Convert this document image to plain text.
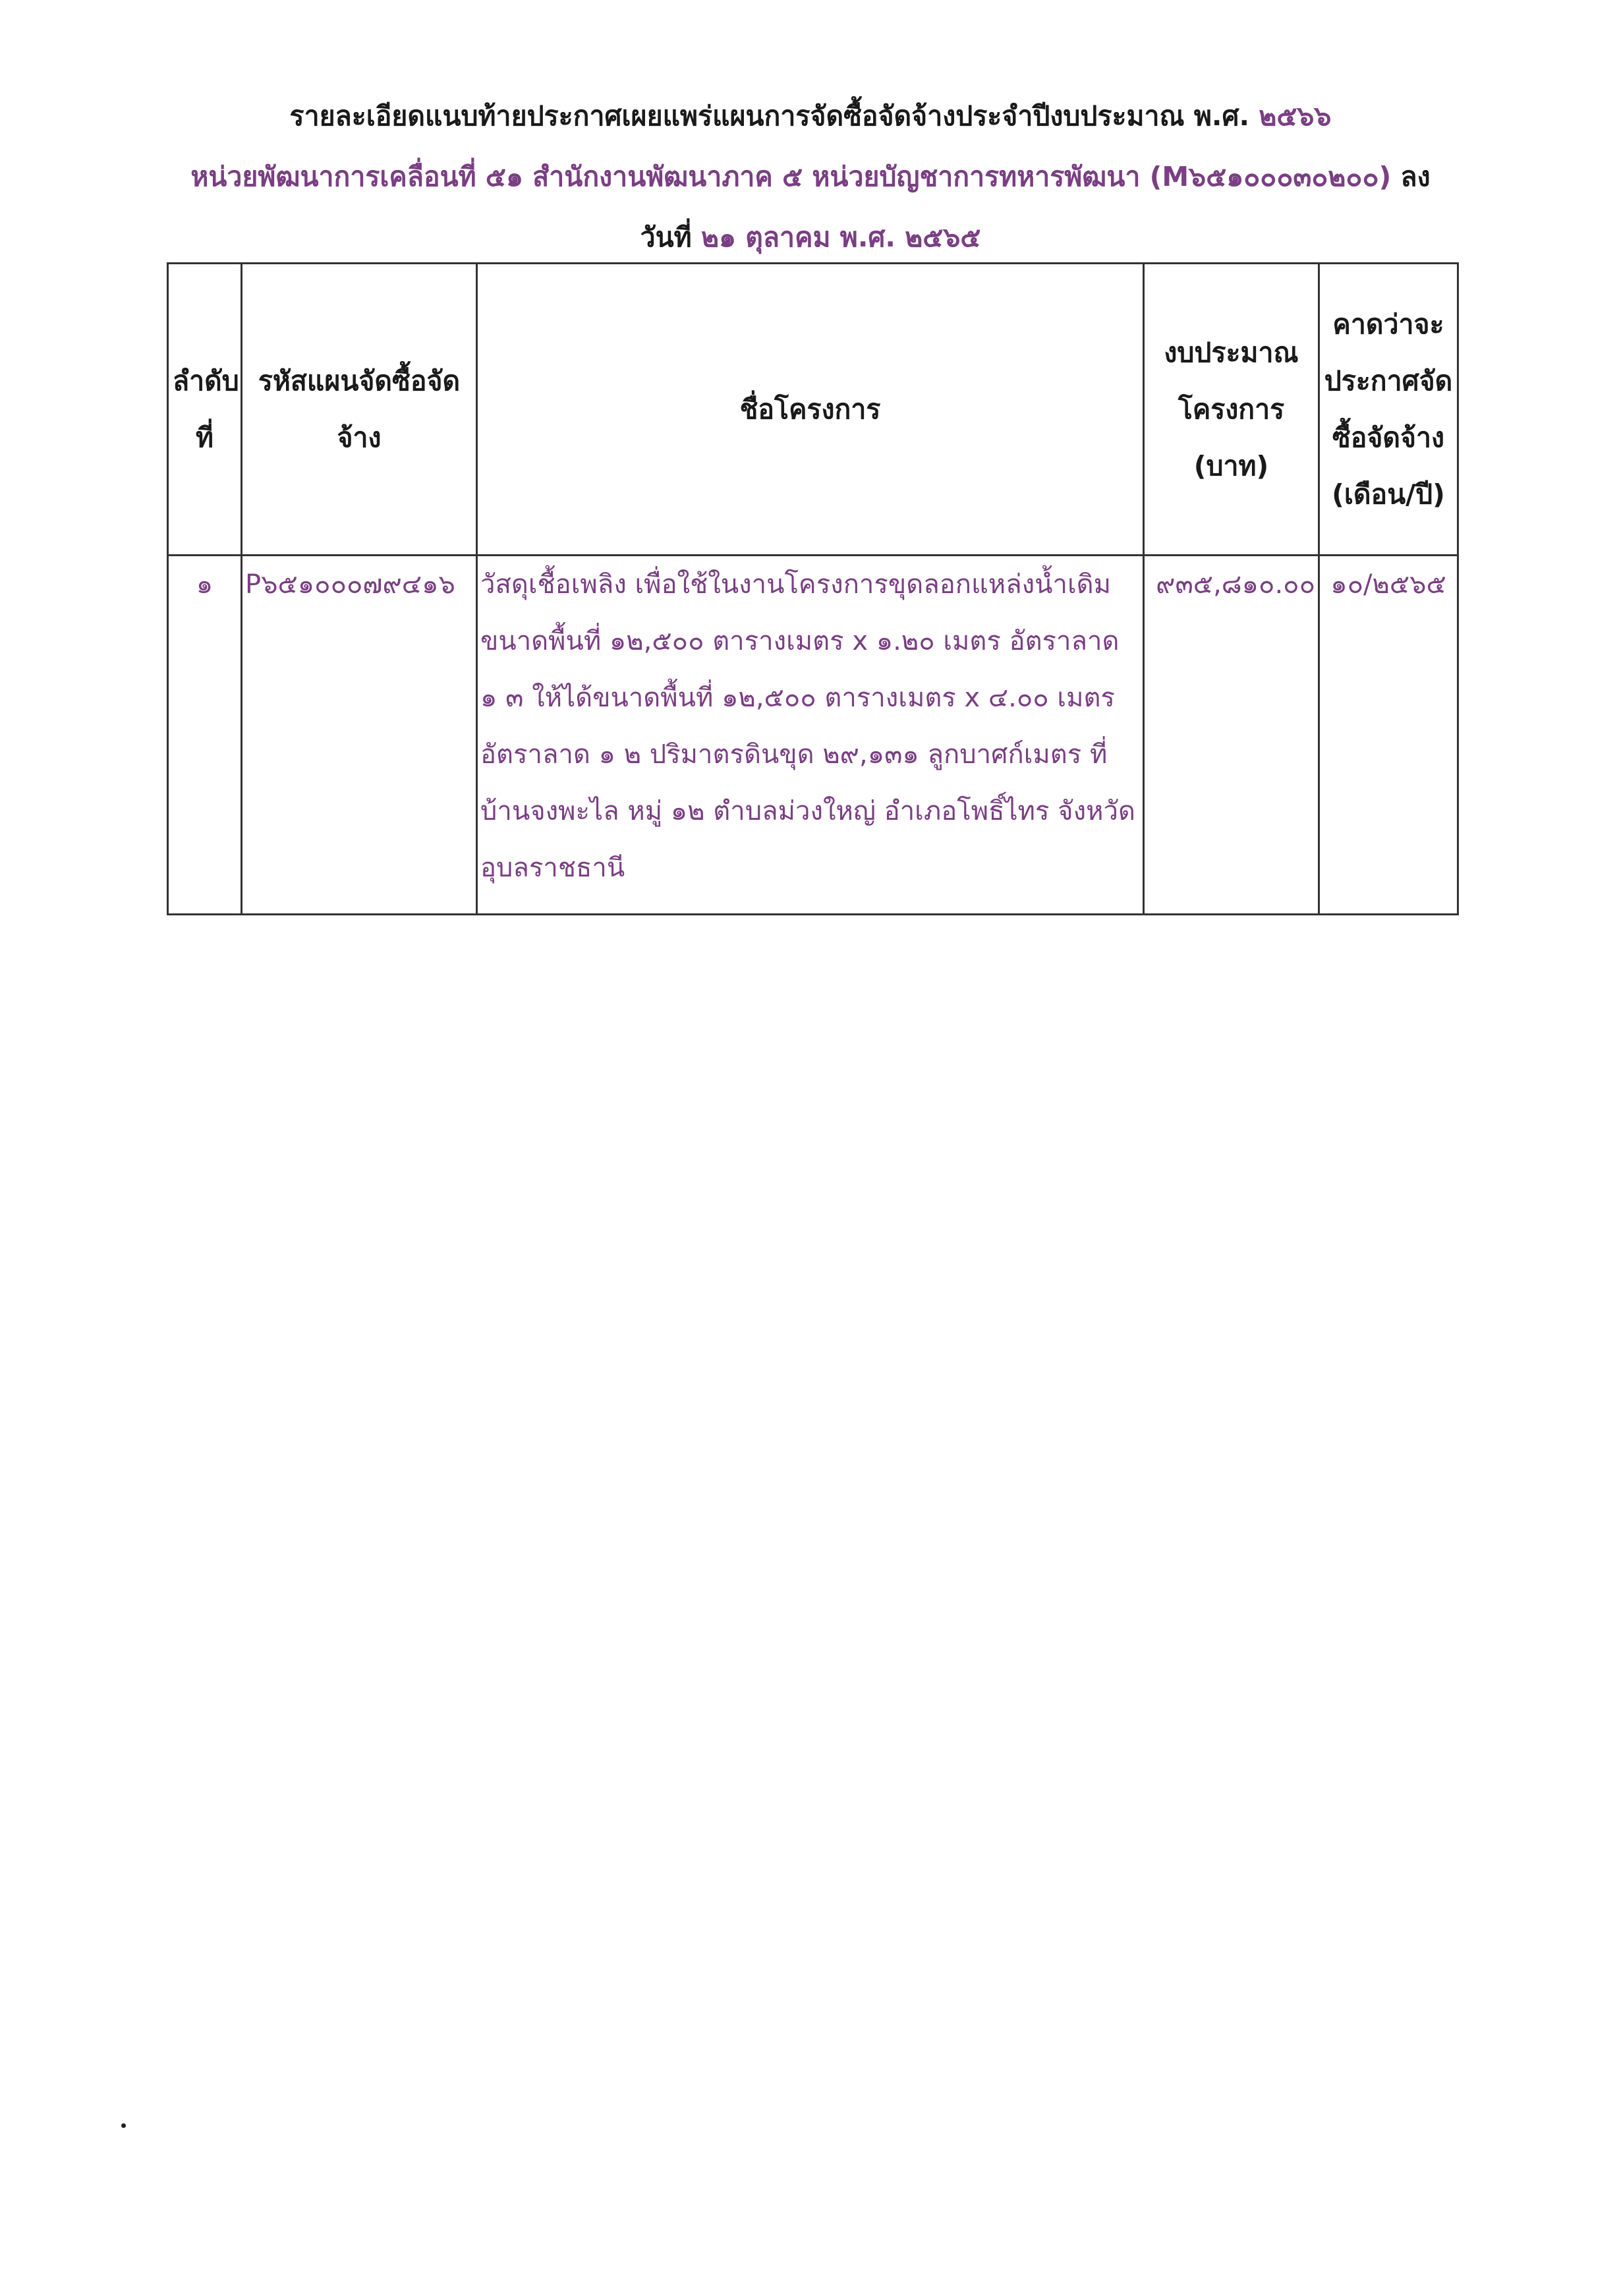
รายละเอียดแนบท้ายประกาศเผยแพร่แผนการจัดซื้อจัดจ้างประจำปีงบประมาณ พ.ศ. ๒๕๖๖
หน่วยพัฒนาการเคลื่อนที่ ๕๑ สำนักงานพัฒนาภาค ๕ หน่วยบัญชาการทหารพัฒนา (M๖๕๑๐๐๐๓๐๒๐๐) ลง
วันที่ ๒๑ ตุลาคม พ.ศ. ๒๕๖๕
ลำดับที่	รหัสแผนจัดซื้อจัดจ้าง	ชื่อโครงการ	งบประมาณโครงการ (บาท)	คาดว่าจะประกาศจัดซื้อจัดจ้าง (เดือน/ปี)
๑	P๖๕๑๐๐๐๗๙๔๑๖	วัสดุเชื้อเพลิง เพื่อใช้ในงานโครงการขุดลอกแหล่งน้ำเดิม ขนาดพื้นที่ ๑๒,๕๐๐ ตารางเมตร x ๑.๒๐ เมตร อัตราลาด ๑ ๓ ให้ได้ขนาดพื้นที่ ๑๒,๕๐๐ ตารางเมตร x ๔.๐๐ เมตร อัตราลาด ๑ ๒ ปริมาตรดินขุด ๒๙,๑๓๑ ลูกบาศก์เมตร ที่บ้านจงพะไล หมู่ ๑๒ ตำบลม่วงใหญ่ อำเภอโพธิ์ไทร จังหวัดอุบลราชธานี	๙๓๕,๘๑๐.๐๐	๑๐/๒๕๖๕
